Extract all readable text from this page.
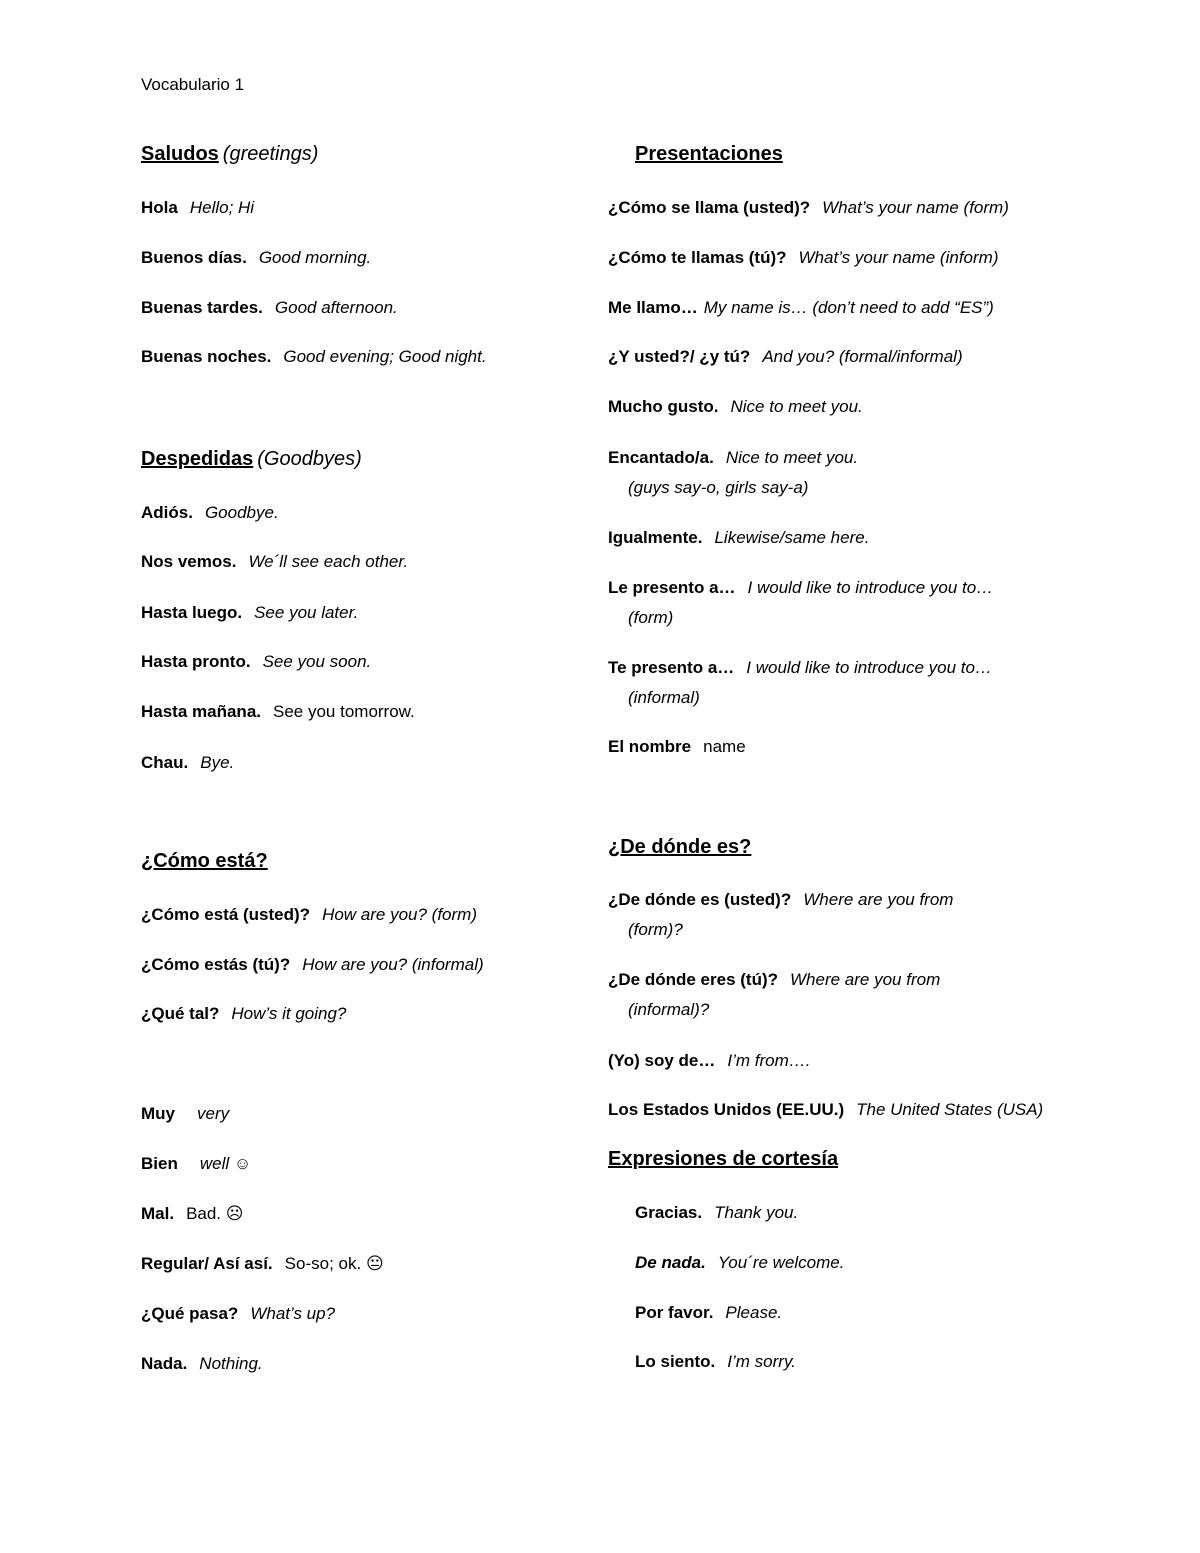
Vocabulario 1
Saludos (greetings)
Hola Hello; Hi
Buenos días. Good morning.
Buenas tardes. Good afternoon.
Buenas noches. Good evening; Good night.
Despedidas (Goodbyes)
Adiós. Goodbye.
Nos vemos. We´ll see each other.
Hasta luego. See you later.
Hasta pronto. See you soon.
Hasta mañana. See you tomorrow.
Chau. Bye.
¿Cómo está?
¿Cómo está (usted)? How are you? (form)
¿Cómo estás (tú)? How are you? (informal)
¿Qué tal? How’s it going?
Muy very
Bien well ☺
Mal. Bad. ☹
Regular/ Así así. So-so; ok. 😐
¿Qué pasa? What’s up?
Nada. Nothing.
Presentaciones
¿Cómo se llama (usted)? What’s your name (form)
¿Cómo te llamas (tú)? What’s your name (inform)
Me llamo… My name is… (don’t need to add “ES”)
¿Y usted?/ ¿y tú? And you? (formal/informal)
Mucho gusto. Nice to meet you.
Encantado/a. Nice to meet you.
(guys say-o, girls say-a)
Igualmente. Likewise/same here.
Le presento a… I would like to introduce you to…
(form)
Te presento a… I would like to introduce you to…
(informal)
El nombre name
¿De dónde es?
¿De dónde es (usted)? Where are you from
(form)?
¿De dónde eres (tú)? Where are you from
(informal)?
(Yo) soy de… I’m from….
Los Estados Unidos (EE.UU.) The United States (USA)
Expresiones de cortesía
Gracias. Thank you.
De nada. You´re welcome.
Por favor. Please.
Lo siento. I’m sorry.
